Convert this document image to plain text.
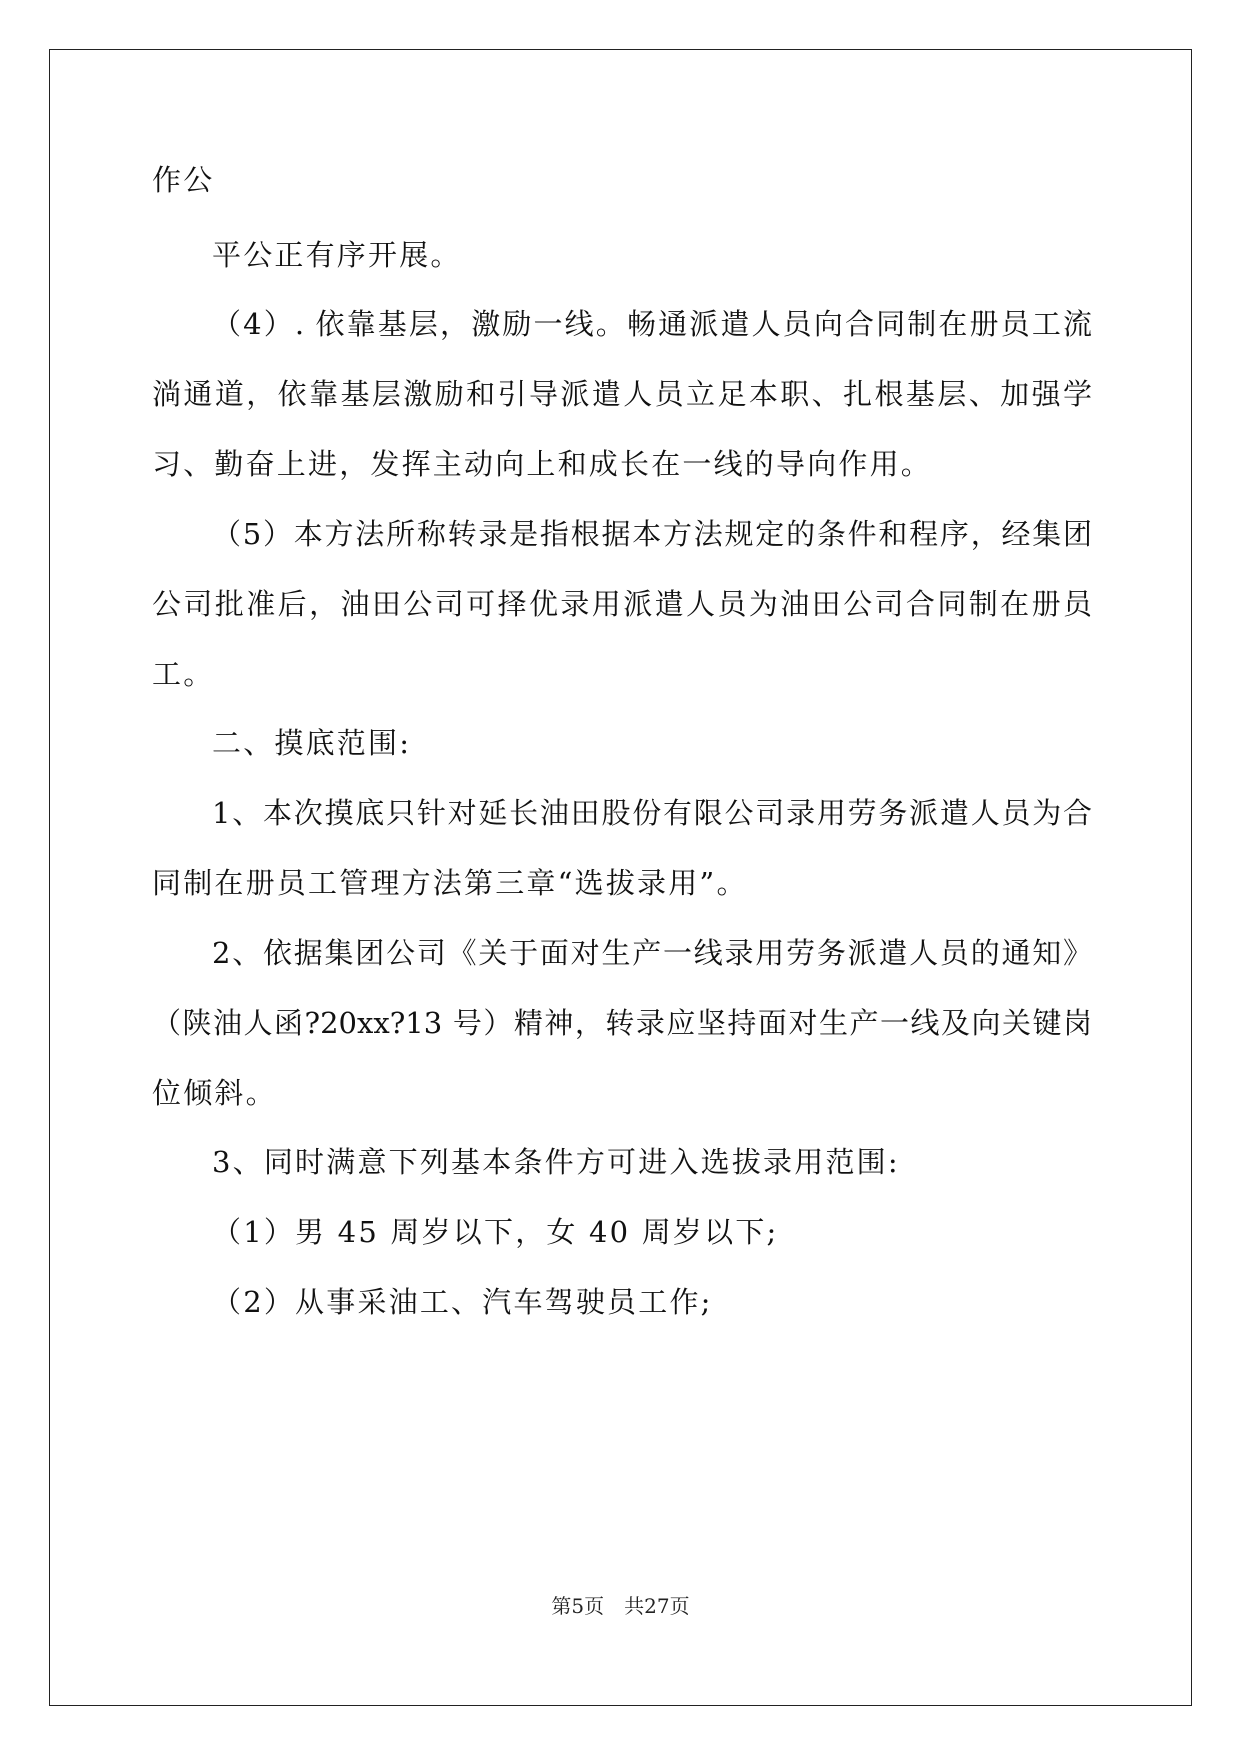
作公
平公正有序开展。
（4）. 依靠基层，激励一线。畅通派遣人员向合同制在册员工流
淌通道，依靠基层激励和引导派遣人员立足本职、扎根基层、加强学
习、勤奋上进，发挥主动向上和成长在一线的导向作用。
（5）本方法所称转录是指根据本方法规定的条件和程序，经集团
公司批准后，油田公司可择优录用派遣人员为油田公司合同制在册员
工。
二、摸底范围:
1、本次摸底只针对延长油田股份有限公司录用劳务派遣人员为合
同制在册员工管理方法第三章“选拔录用”。
2、依据集团公司《关于面对生产一线录用劳务派遣人员的通知》
（陕油人函?20xx?13 号）精神，转录应坚持面对生产一线及向关键岗
位倾斜。
3、同时满意下列基本条件方可进入选拔录用范围:
（1）男 45 周岁以下，女 40 周岁以下;
（2）从事采油工、汽车驾驶员工作;
第5页　共27页
